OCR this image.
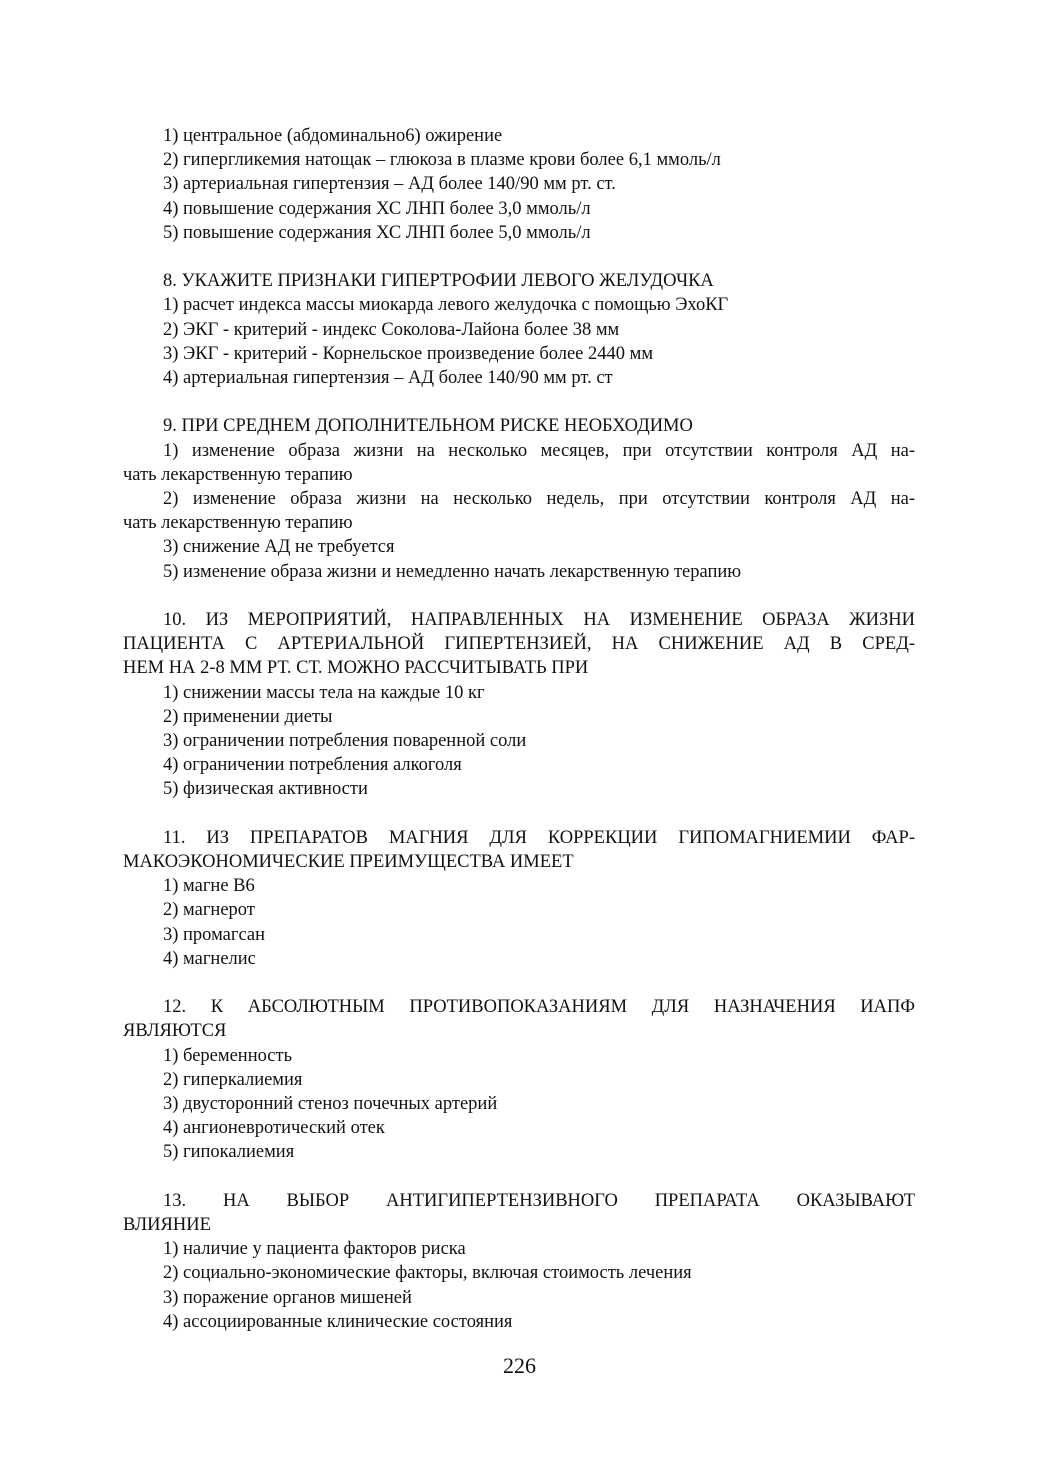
1) центральное (абдоминально6) ожирение
2) гипергликемия натощак – глюкоза в плазме крови более 6,1 ммоль/л
3) артериальная гипертензия – АД более 140/90 мм рт. ст.
4) повышение содержания ХС ЛНП более 3,0 ммоль/л
5) повышение содержания ХС ЛНП более 5,0 ммоль/л
8. УКАЖИТЕ ПРИЗНАКИ ГИПЕРТРОФИИ ЛЕВОГО ЖЕЛУДОЧКА
1) расчет индекса массы миокарда левого желудочка с помощью ЭхоКГ
2) ЭКГ - критерий - индекс Соколова-Лайона более 38 мм
3) ЭКГ - критерий - Корнельское произведение более 2440 мм
4) артериальная гипертензия – АД более 140/90 мм рт. ст
9. ПРИ СРЕДНЕМ ДОПОЛНИТЕЛЬНОМ РИСКЕ НЕОБХОДИМО
1) изменение образа жизни на несколько месяцев, при отсутствии контроля АД на-
чать лекарственную терапию
2) изменение образа жизни на несколько недель, при отсутствии контроля АД на-
чать лекарственную терапию
3) снижение АД не требуется
5) изменение образа жизни и немедленно начать лекарственную терапию
10. ИЗ МЕРОПРИЯТИЙ, НАПРАВЛЕННЫХ НА ИЗМЕНЕНИЕ ОБРАЗА ЖИЗНИ
ПАЦИЕНТА С АРТЕРИАЛЬНОЙ ГИПЕРТЕНЗИЕЙ, НА СНИЖЕНИЕ АД В СРЕД-
НЕМ НА 2-8 ММ РТ. СТ. МОЖНО РАССЧИТЫВАТЬ ПРИ
1) снижении массы тела на каждые 10 кг
2) применении диеты
3) ограничении потребления поваренной соли
4) ограничении потребления алкоголя
5) физическая активности
11. ИЗ ПРЕПАРАТОВ МАГНИЯ ДЛЯ КОРРЕКЦИИ ГИПОМАГНИЕМИИ ФАР-
МАКОЭКОНОМИЧЕСКИЕ ПРЕИМУЩЕСТВА ИМЕЕТ
1) магне В6
2) магнерот
3) промагсан
4) магнелис
12. К АБСОЛЮТНЫМ ПРОТИВОПОКАЗАНИЯМ ДЛЯ НАЗНАЧЕНИЯ ИАПФ
ЯВЛЯЮТСЯ
1) беременность
2) гиперкалиемия
3) двусторонний стеноз почечных артерий
4) ангионевротический отек
5) гипокалиемия
13. НА ВЫБОР АНТИГИПЕРТЕНЗИВНОГО ПРЕПАРАТА ОКАЗЫВАЮТ
ВЛИЯНИЕ
1) наличие у пациента факторов риска
2) социально-экономические факторы, включая стоимость лечения
3) поражение органов мишеней
4) ассоциированные клинические состояния
226
